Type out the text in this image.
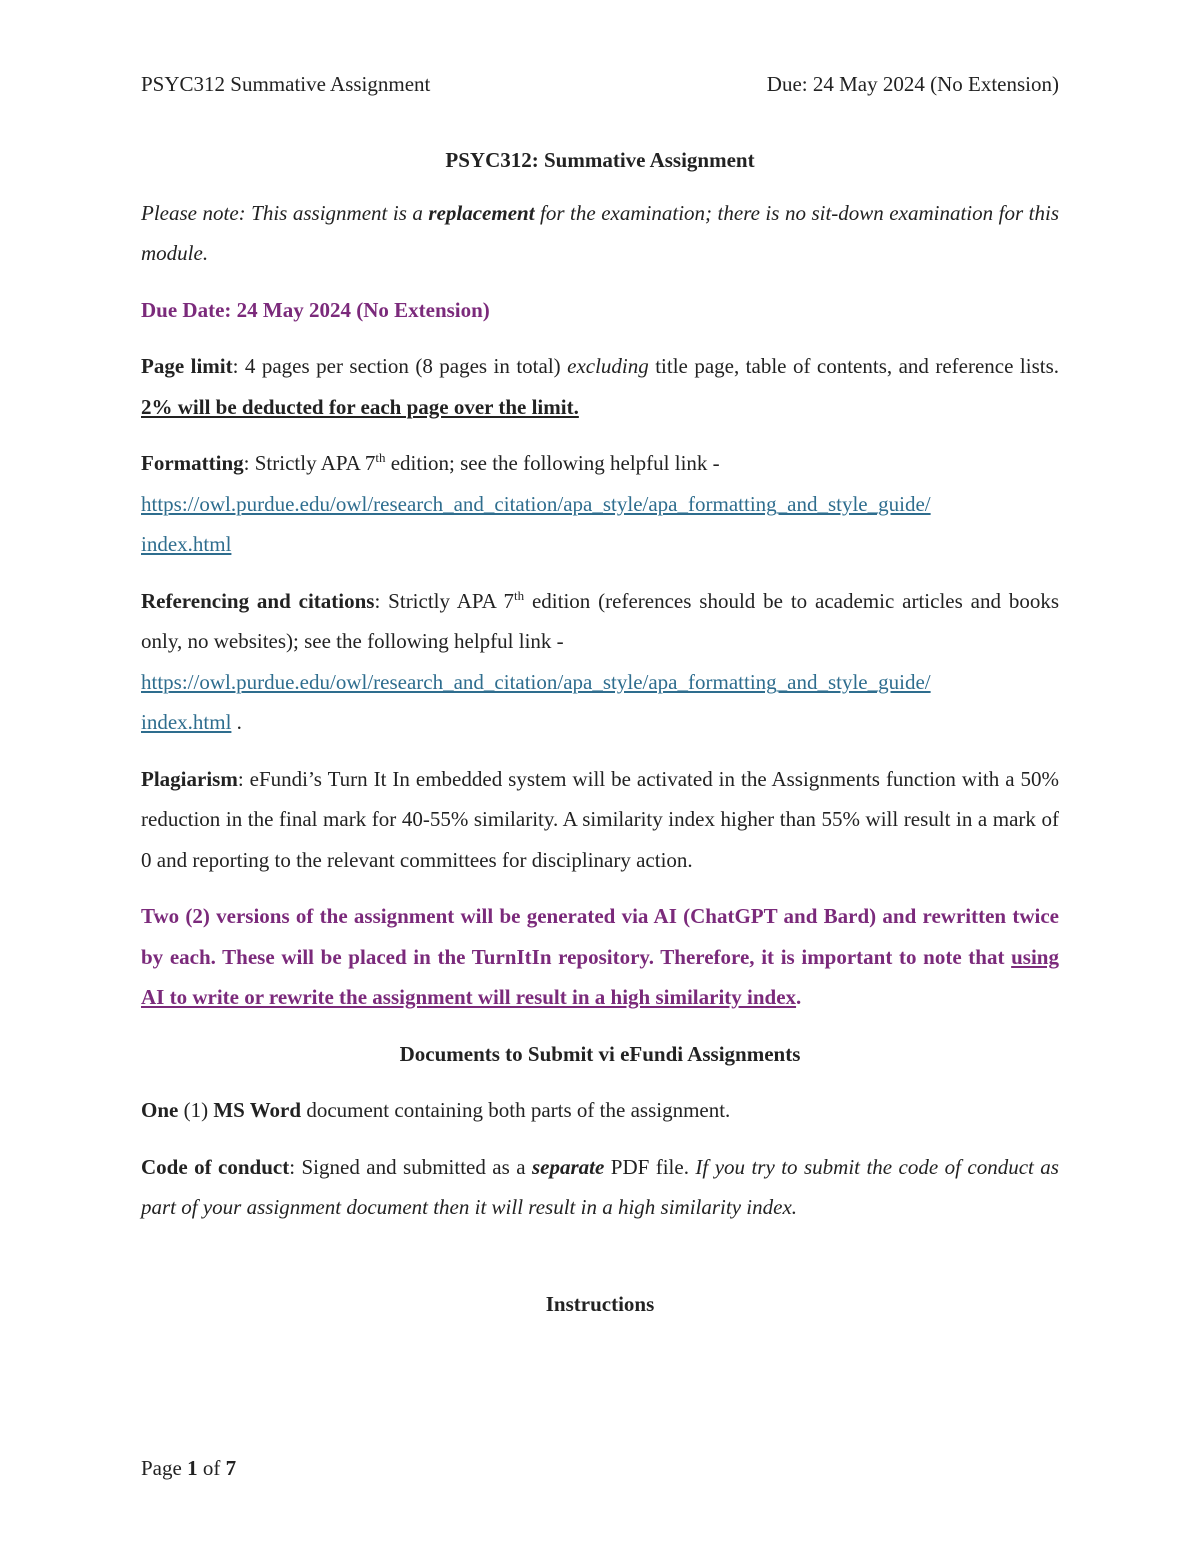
PSYC312 Summative Assignment	Due: 24 May 2024 (No Extension)

PSYC312: Summative Assignment

Please note: This assignment is a replacement for the examination; there is no sit-down examination for this module.

Due Date: 24 May 2024 (No Extension)

Page limit: 4 pages per section (8 pages in total) excluding title page, table of contents, and reference lists. 2% will be deducted for each page over the limit.

Formatting: Strictly APA 7th edition; see the following helpful link -
https://owl.purdue.edu/owl/research_and_citation/apa_style/apa_formatting_and_style_guide/
index.html

Referencing and citations: Strictly APA 7th edition (references should be to academic articles and books only, no websites); see the following helpful link -
https://owl.purdue.edu/owl/research_and_citation/apa_style/apa_formatting_and_style_guide/
index.html .

Plagiarism: eFundi’s Turn It In embedded system will be activated in the Assignments function with a 50% reduction in the final mark for 40-55% similarity. A similarity index higher than 55% will result in a mark of 0 and reporting to the relevant committees for disciplinary action.

Two (2) versions of the assignment will be generated via AI (ChatGPT and Bard) and rewritten twice by each. These will be placed in the TurnItIn repository. Therefore, it is important to note that using AI to write or rewrite the assignment will result in a high similarity index.

Documents to Submit vi eFundi Assignments

One (1) MS Word document containing both parts of the assignment.

Code of conduct: Signed and submitted as a separate PDF file. If you try to submit the code of conduct as part of your assignment document then it will result in a high similarity index.

Instructions

Page 1 of 7
